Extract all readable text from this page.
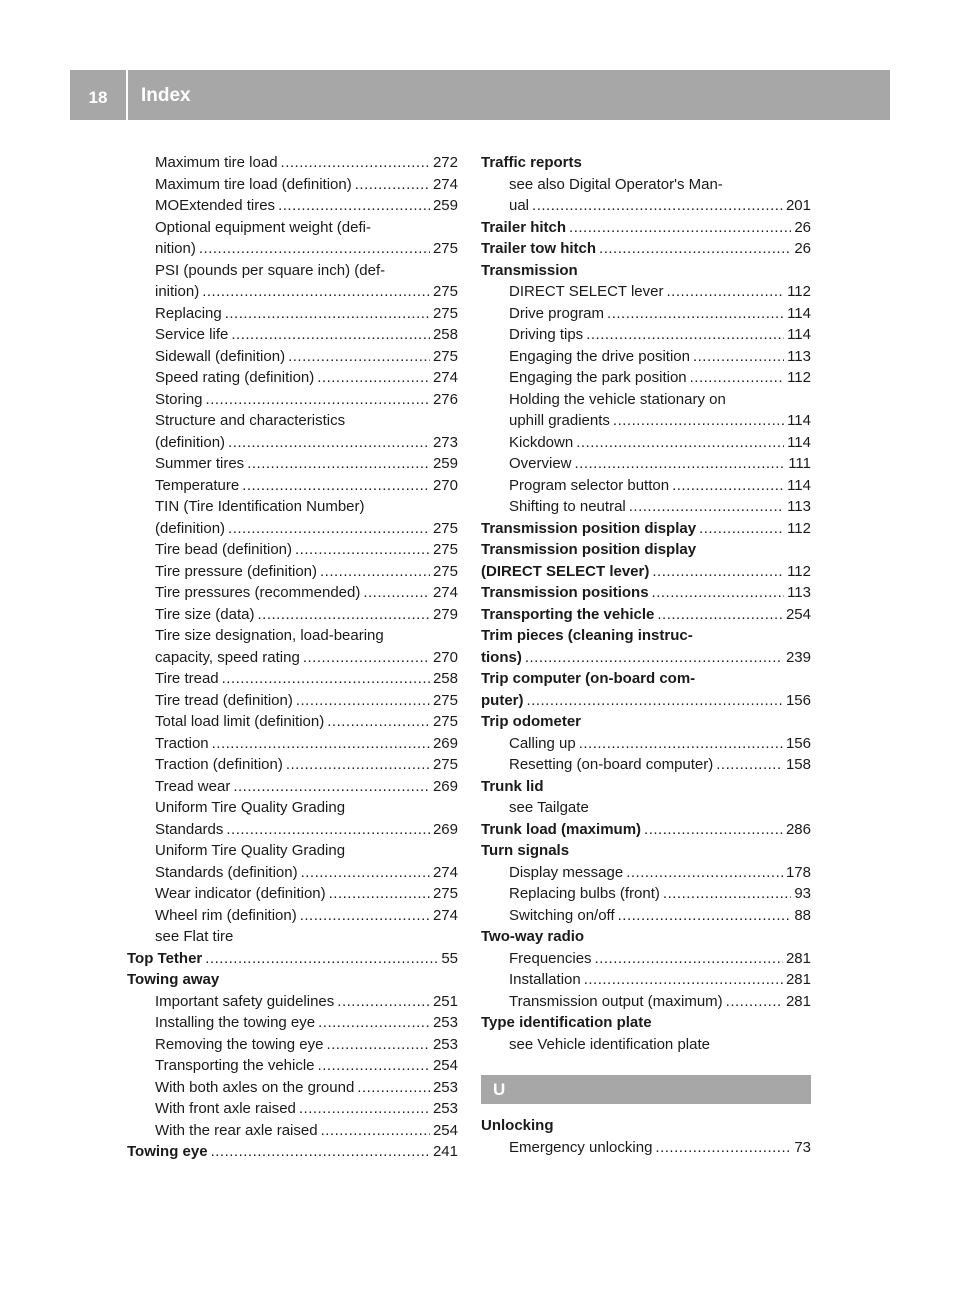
18	Index
Maximum tire load .....	272
Maximum tire load (definition) .....	274
MOExtended tires .....	259
Optional equipment weight (defi-
nition) .....	275
PSI (pounds per square inch) (def-
inition) .....	275
Replacing .....	275
Service life .....	258
Sidewall (definition) .....	275
Speed rating (definition) .....	274
Storing .....	276
Structure and characteristics
(definition) .....	273
Summer tires .....	259
Temperature .....	270
TIN (Tire Identification Number)
(definition) .....	275
Tire bead (definition) .....	275
Tire pressure (definition) .....	275
Tire pressures (recommended) .....	274
Tire size (data) .....	279
Tire size designation, load-bearing
capacity, speed rating .....	270
Tire tread .....	258
Tire tread (definition) .....	275
Total load limit (definition) .....	275
Traction .....	269
Traction (definition) .....	275
Tread wear .....	269
Uniform Tire Quality Grading
Standards .....	269
Uniform Tire Quality Grading
Standards (definition) .....	274
Wear indicator (definition) .....	275
Wheel rim (definition) .....	274
see Flat tire
Top Tether .....	55
Towing away
Important safety guidelines .....	251
Installing the towing eye .....	253
Removing the towing eye .....	253
Transporting the vehicle .....	254
With both axles on the ground .....	253
With front axle raised .....	253
With the rear axle raised .....	254
Towing eye .....	241
Traffic reports
see also Digital Operator's Man-
ual .....	201
Trailer hitch .....	26
Trailer tow hitch .....	26
Transmission
DIRECT SELECT lever .....	112
Drive program .....	114
Driving tips .....	114
Engaging the drive position .....	113
Engaging the park position .....	112
Holding the vehicle stationary on
uphill gradients .....	114
Kickdown .....	114
Overview .....	111
Program selector button .....	114
Shifting to neutral .....	113
Transmission position display .....	112
Transmission position display
(DIRECT SELECT lever) .....	112
Transmission positions .....	113
Transporting the vehicle .....	254
Trim pieces (cleaning instruc-
tions) .....	239
Trip computer (on-board com-
puter) .....	156
Trip odometer
Calling up .....	156
Resetting (on-board computer) .....	158
Trunk lid
see Tailgate
Trunk load (maximum) .....	286
Turn signals
Display message .....	178
Replacing bulbs (front) .....	93
Switching on/off .....	88
Two-way radio
Frequencies .....	281
Installation .....	281
Transmission output (maximum) .....	281
Type identification plate
see Vehicle identification plate
U
Unlocking
Emergency unlocking .....	73
